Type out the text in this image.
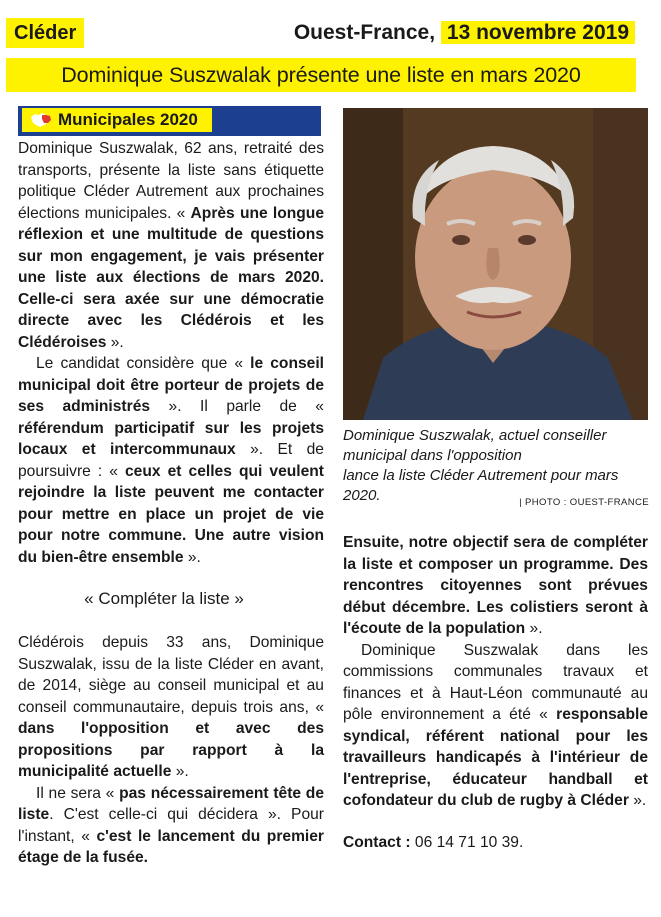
Cléder	Ouest-France, 13 novembre 2019
Dominique Suszwalak présente une liste en mars 2020
Municipales 2020

Dominique Suszwalak, 62 ans, retraité des transports, présente la liste sans étiquette politique Cléder Autrement aux prochaines élections municipales. « Après une longue réflexion et une multitude de questions sur mon engagement, je vais présenter une liste aux élections de mars 2020. Celle-ci sera axée sur une démocratie directe avec les Clédérois et les Clédéroises ».

Le candidat considère que « le conseil municipal doit être porteur de projets de ses administrés ». Il parle de « référendum participatif sur les projets locaux et intercommunaux ». Et de poursuivre : « ceux et celles qui veulent rejoindre la liste peuvent me contacter pour mettre en place un projet de vie pour notre commune. Une autre vision du bien-être ensemble ».

« Compléter la liste »

Clédérois depuis 33 ans, Dominique Suszwalak, issu de la liste Cléder en avant, de 2014, siège au conseil municipal et au conseil communautaire, depuis trois ans, « dans l'opposition et avec des propositions par rapport à la municipalité actuelle ».

Il ne sera « pas nécessairement tête de liste. C'est celle-ci qui décidera ». Pour l'instant, « c'est le lancement du premier étage de la fusée.

Dominique Suszwalak, actuel conseiller municipal dans l'opposition

lance la liste Cléder Autrement pour mars 2020.	| PHOTO : OUEST-FRANCE

Ensuite, notre objectif sera de compléter la liste et composer un programme. Des rencontres citoyennes sont prévues début décembre. Les colistiers seront à l'écoute de la population ».

Dominique Suszwalak dans les commissions communales travaux et finances et à Haut-Léon communauté au pôle environnement a été « responsable syndical, référent national pour les travailleurs handicapés à l'intérieur de l'entreprise, éducateur handball et cofondateur du club de rugby à Cléder ».

Contact : 06 14 71 10 39.
